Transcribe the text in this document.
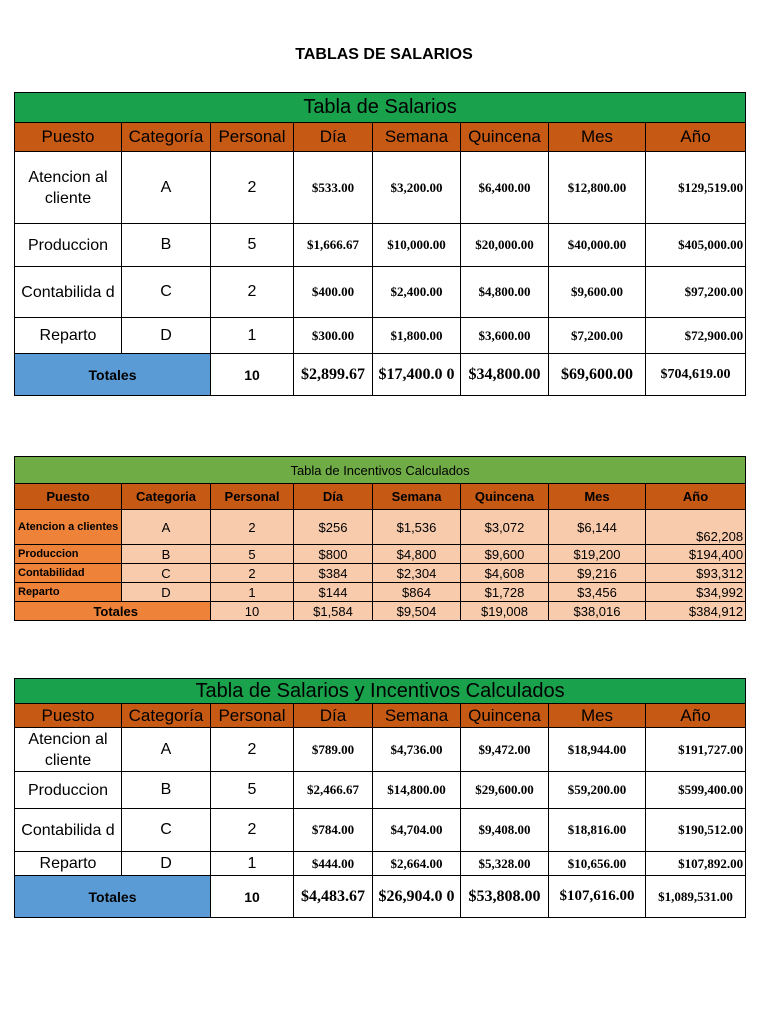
TABLAS DE SALARIOS
Tabla de Salarios							
Puesto	Categoría	Personal	Día	Semana	Quincena	Mes	Año
Atencion al cliente	A	2	$533.00	$3,200.00	$6,400.00	$12,800.00	$129,519.00
Produccion	B	5	$1,666.67	$10,000.00	$20,000.00	$40,000.00	$405,000.00
Contabilida d	C	2	$400.00	$2,400.00	$4,800.00	$9,600.00	$97,200.00
Reparto	D	1	$300.00	$1,800.00	$3,600.00	$7,200.00	$72,900.00
Totales		10	$2,899.67	$17,400.0 0	$34,800.00	$69,600.00	$704,619.00
Tabla de Incentivos Calculados							
Puesto	Categoria	Personal	Día	Semana	Quincena	Mes	Año
Atencion a clientes	A	2	$256	$1,536	$3,072	$6,144	$62,208
Produccion	B	5	$800	$4,800	$9,600	$19,200	$194,400
Contabilidad	C	2	$384	$2,304	$4,608	$9,216	$93,312
Reparto	D	1	$144	$864	$1,728	$3,456	$34,992
Totales		10	$1,584	$9,504	$19,008	$38,016	$384,912
Tabla de Salarios y Incentivos Calculados							
Puesto	Categoría	Personal	Día	Semana	Quincena	Mes	Año
Atencion al cliente	A	2	$789.00	$4,736.00	$9,472.00	$18,944.00	$191,727.00
Produccion	B	5	$2,466.67	$14,800.00	$29,600.00	$59,200.00	$599,400.00
Contabilida d	C	2	$784.00	$4,704.00	$9,408.00	$18,816.00	$190,512.00
Reparto	D	1	$444.00	$2,664.00	$5,328.00	$10,656.00	$107,892.00
Totales		10	$4,483.67	$26,904.0 0	$53,808.00	$107,616.00	$1,089,531.00
